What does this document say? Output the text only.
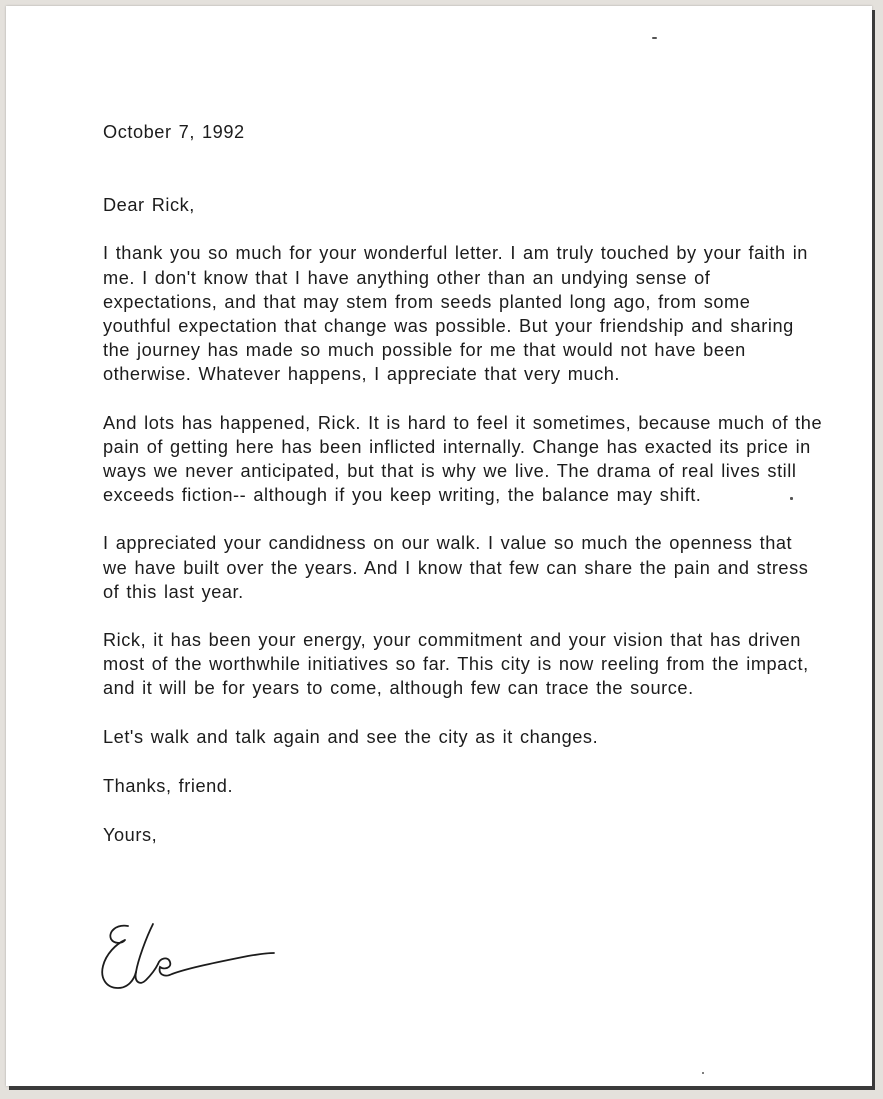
October 7, 1992

Dear Rick,

I thank you so much for your wonderful letter. I am truly touched by your faith in me. I don't know that I have anything other than an undying sense of expectations, and that may stem from seeds planted long ago, from some youthful expectation that change was possible. But your friendship and sharing the journey has made so much possible for me that would not have been otherwise. Whatever happens, I appreciate that very much.

And lots has happened, Rick. It is hard to feel it sometimes, because much of the pain of getting here has been inflicted internally. Change has exacted its price in ways we never anticipated, but that is why we live. The drama of real lives still exceeds fiction-- although if you keep writing, the balance may shift.

I appreciated your candidness on our walk. I value so much the openness that we have built over the years. And I know that few can share the pain and stress of this last year.

Rick, it has been your energy, your commitment and your vision that has driven most of the worthwhile initiatives so far. This city is now reeling from the impact, and it will be for years to come, although few can trace the source.

Let's walk and talk again and see the city as it changes.

Thanks, friend.

Yours,
